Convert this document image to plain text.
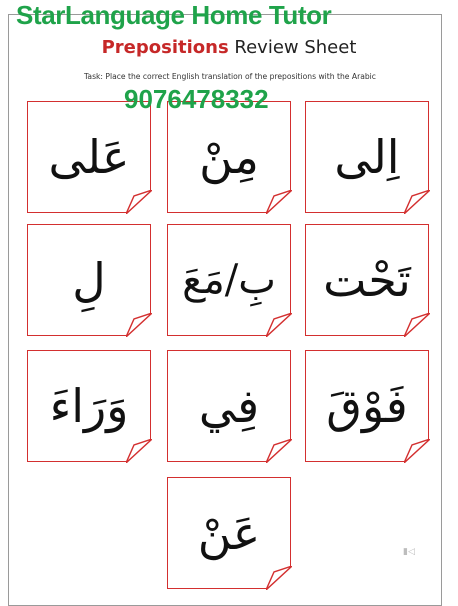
Prepositions Review Sheet
Task: Place the correct English translation of the prepositions with the Arabic
عَلى مِنْ اِلى
لِ بِ/مَعَ تَحْت
وَرَاءَ فِي فَوْقَ
عَنْ
StarLanguage Home Tutor
9076478332
▮◁
